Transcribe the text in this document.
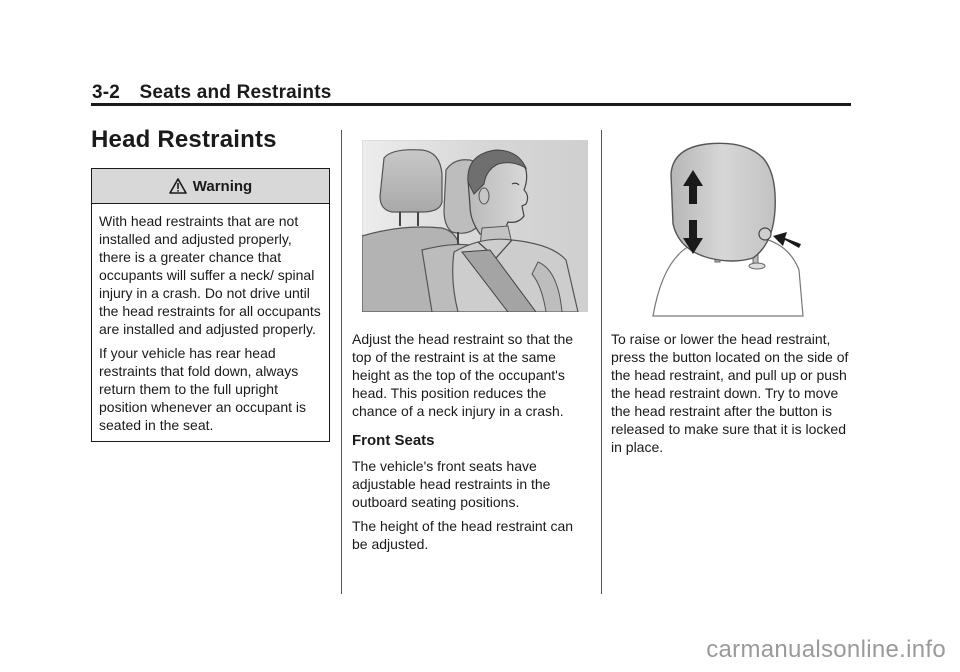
3-2 Seats and Restraints
Head Restraints
Warning

With head restraints that are not installed and adjusted properly, there is a greater chance that occupants will suffer a neck/ spinal injury in a crash. Do not drive until the head restraints for all occupants are installed and adjusted properly.

If your vehicle has rear head restraints that fold down, always return them to the full upright position whenever an occupant is seated in the seat.

Adjust the head restraint so that the top of the restraint is at the same height as the top of the occupant's head. This position reduces the chance of a neck injury in a crash.

Front Seats

The vehicle's front seats have adjustable head restraints in the outboard seating positions.

The height of the head restraint can be adjusted.

To raise or lower the head restraint, press the button located on the side of the head restraint, and pull up or push the head restraint down. Try to move the head restraint after the button is released to make sure that it is locked in place.

carmanualsonline.info
